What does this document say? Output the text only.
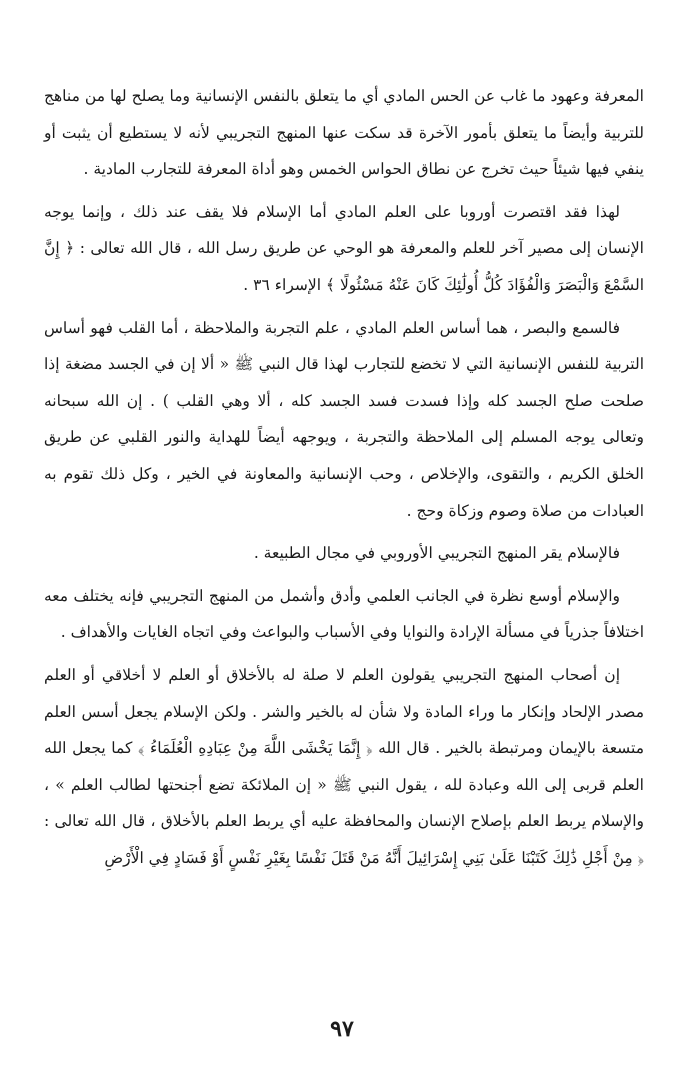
المعرفة وعهود ما غاب عن الحس المادي أي ما يتعلق بالنفس الإنسانية وما يصلح لها من مناهج للتربية وأيضاً ما يتعلق بأمور الآخرة قد سكت عنها المنهج التجريبي لأنه لا يستطيع أن يثبت أو ينفي فيها شيئاً حيث تخرج عن نطاق الحواس الخمس وهو أداة المعرفة للتجارب المادية .

لهذا فقد اقتصرت أوروبا على العلم المادي أما الإسلام فلا يقف عند ذلك ، وإنما يوجه الإنسان إلى مصير آخر للعلم والمعرفة هو الوحي عن طريق رسل الله ، قال الله تعالى : ﴿ إِنَّ السَّمْعَ وَالْبَصَرَ وَالْفُؤَادَ كُلُّ أُولَٰئِكَ كَانَ عَنْهُ مَسْئُولًا ﴾ الإسراء ٣٦ .

فالسمع والبصر ، هما أساس العلم المادي ، علم التجربة والملاحظة ، أما القلب فهو أساس التربية للنفس الإنسانية التي لا تخضع للتجارب لهذا قال النبي ﷺ « ألا إن في الجسد مضغة إذا صلحت صلح الجسد كله وإذا فسدت فسد الجسد كله ، ألا وهي القلب ) . إن الله سبحانه وتعالى يوجه المسلم إلى الملاحظة والتجربة ، ويوجهه أيضاً للهداية والنور القلبي عن طريق الخلق الكريم ، والتقوى، والإخلاص ، وحب الإنسانية والمعاونة في الخير ، وكل ذلك تقوم به العبادات من صلاة وصوم وزكاة وحج .

فالإسلام يقر المنهج التجريبي الأوروبي في مجال الطبيعة .

والإسلام أوسع نظرة في الجانب العلمي وأدق وأشمل من المنهج التجريبي فإنه يختلف معه اختلافاً جذرياً في مسألة الإرادة والنوايا وفي الأسباب والبواعث وفي اتجاه الغايات والأهداف .

إن أصحاب المنهج التجريبي يقولون العلم لا صلة له بالأخلاق أو العلم لا أخلاقي أو العلم مصدر الإلحاد وإنكار ما وراء المادة ولا شأن له بالخير والشر . ولكن الإسلام يجعل أسس العلم متسعة بالإيمان ومرتبطة بالخير . قال الله ﴿ إِنَّمَا يَخْشَى اللَّهَ مِنْ عِبَادِهِ الْعُلَمَاءُ ﴾ كما يجعل الله العلم قربى إلى الله وعبادة لله ، يقول النبي ﷺ « إن الملائكة تضع أجنحتها لطالب العلم » ، والإسلام يربط العلم بإصلاح الإنسان والمحافظة عليه أي يربط العلم بالأخلاق ، قال الله تعالى : ﴿ مِنْ أَجْلِ ذَٰلِكَ كَتَبْنَا عَلَىٰ بَنِي إِسْرَائِيلَ أَنَّهُ مَنْ قَتَلَ نَفْسًا بِغَيْرِ نَفْسٍ أَوْ فَسَادٍ فِي الْأَرْضِ

٩٧
